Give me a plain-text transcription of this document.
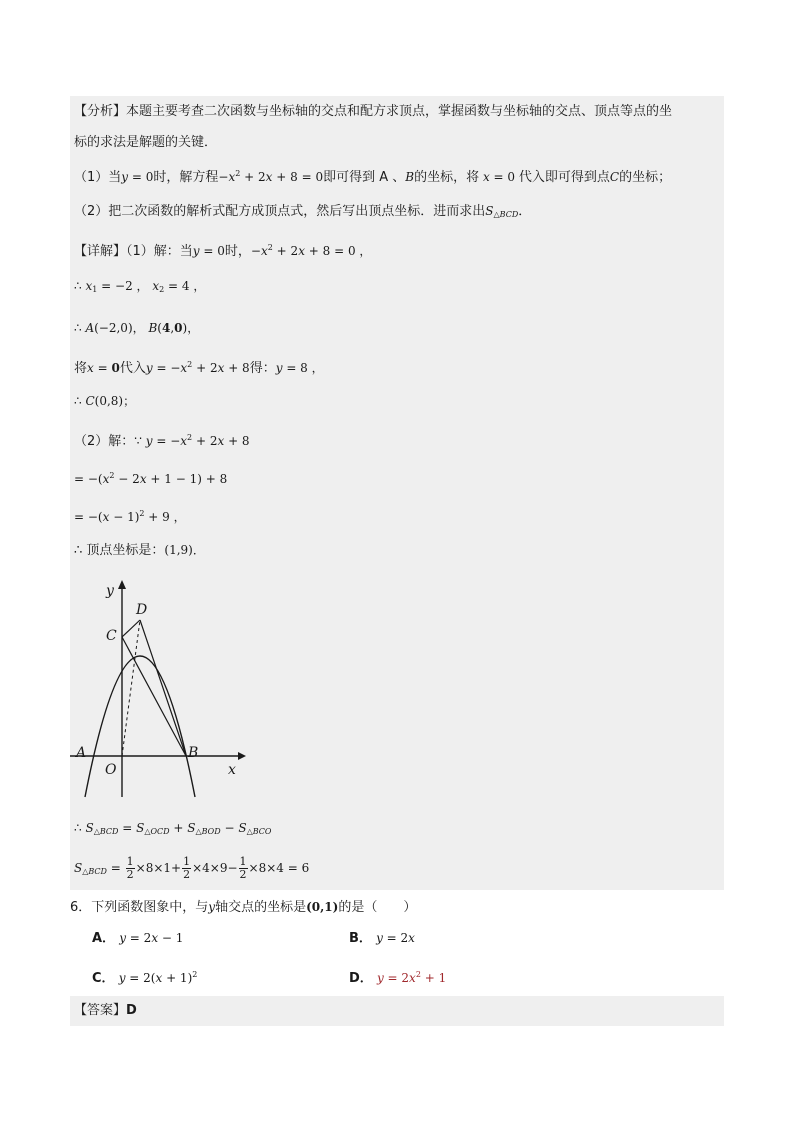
【分析】本题主要考查二次函数与坐标轴的交点和配方求顶点，掌握函数与坐标轴的交点、顶点等点的坐
标的求法是解题的关键．
（1）当y = 0时，解方程$-x^2 + 2x + 8 = 0$即可得到 A 、B的坐标，将 x = 0 代入即可得到点C的坐标；
（2）把二次函数的解析式配方成顶点式，然后写出顶点坐标．进而求出$S_{\triangle BCD}$．
【详解】（1）解：当y = 0时，$-x^2 + 2x + 8 = 0$ ，
∴ $x_1 = -2$ ， $x_2 = 4$ ，
∴ A(−2,0)， B(4,0)，
将x = 0代入$y = -x^2 + 2x + 8$得：y = 8 ，
∴ C(0,8)；
（2）解：∵ $y = -x^2 + 2x + 8$
= $-(x^2 - 2x + 1 - 1) + 8$
= $-(x - 1)^2 + 9$ ，
∴ 顶点坐标是：(1,9)．
y
x
D
C
A	B
O
∴ $S_{\triangle BCD} = S_{\triangle OCD} + S_{\triangle BOD} - S_{\triangle BCO}$
$S_{\triangle BCD} = \frac{1}{2} \times 8\times 1+ \frac{1}{2} \times 4\times 9- \frac{1}{2} \times 8\times 4 = 6$
6．下列函数图象中，与y轴交点的坐标是(0,1)的是（　　）
A． y = 2x − 1	B． y = 2x
C． $y = 2(x + 1)^2$	D． $y = 2x^2 + 1$
【答案】D
